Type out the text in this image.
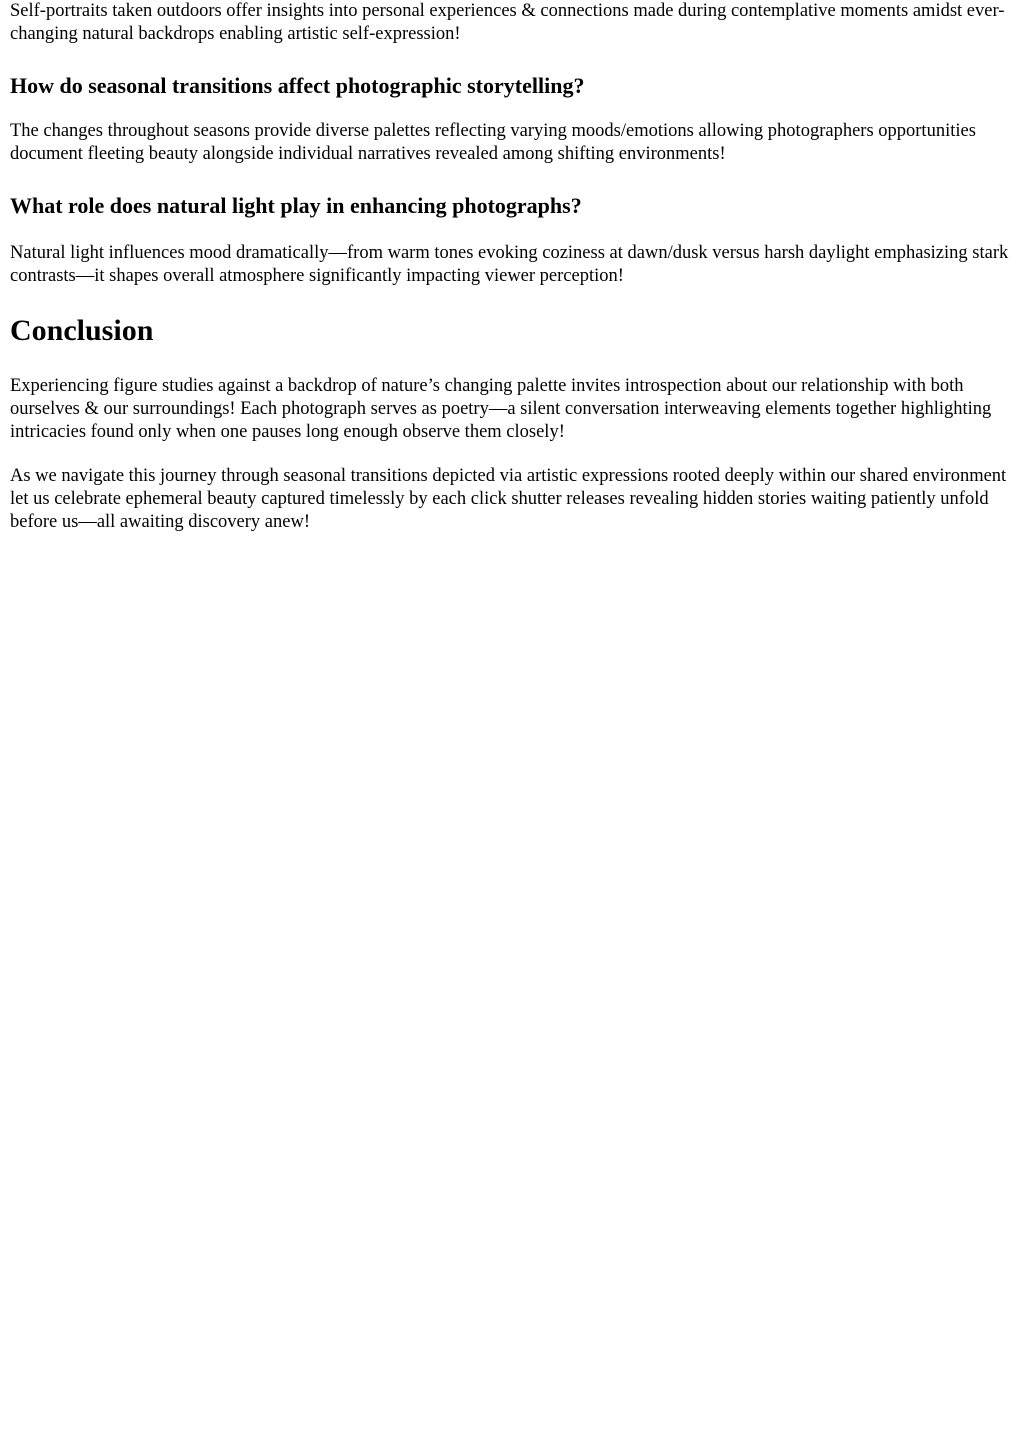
Self-portraits taken outdoors offer insights into personal experiences & connections made during contemplative moments amidst ever-changing natural backdrops enabling artistic self-expression!

How do seasonal transitions affect photographic storytelling?

The changes throughout seasons provide diverse palettes reflecting varying moods/emotions allowing photographers opportunities document fleeting beauty alongside individual narratives revealed among shifting environments!

What role does natural light play in enhancing photographs?

Natural light influences mood dramatically—from warm tones evoking coziness at dawn/dusk versus harsh daylight emphasizing stark contrasts—it shapes overall atmosphere significantly impacting viewer perception!

Conclusion

Experiencing figure studies against a backdrop of nature’s changing palette invites introspection about our relationship with both ourselves & our surroundings! Each photograph serves as poetry—a silent conversation interweaving elements together highlighting intricacies found only when one pauses long enough observe them closely!

As we navigate this journey through seasonal transitions depicted via artistic expressions rooted deeply within our shared environment let us celebrate ephemeral beauty captured timelessly by each click shutter releases revealing hidden stories waiting patiently unfold before us—all awaiting discovery anew!
